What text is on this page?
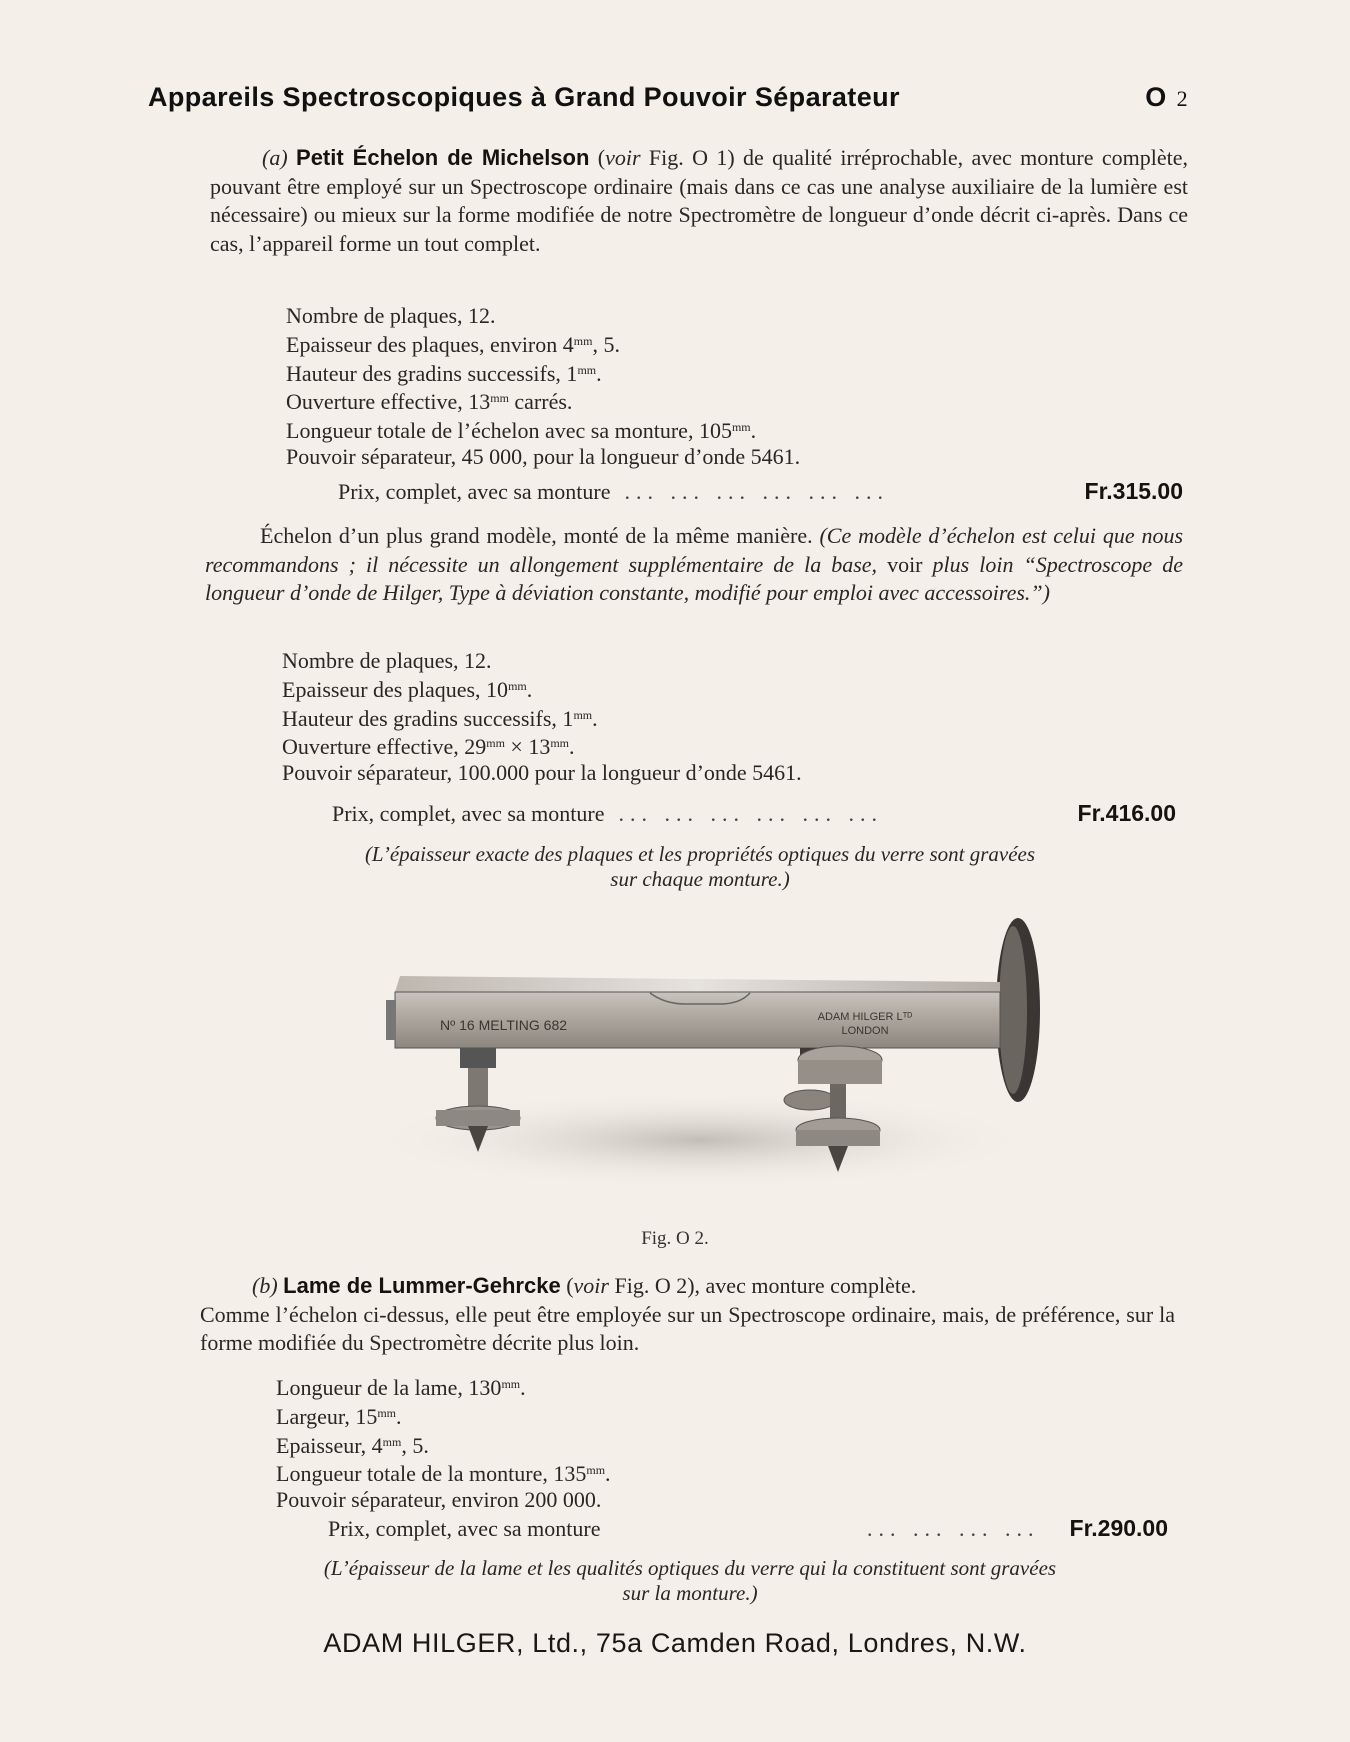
Appareils Spectroscopiques à Grand Pouvoir Séparateur	O 2
(a) Petit Échelon de Michelson (voir Fig. O 1) de qualité irréprochable, avec monture complète, pouvant être employé sur un Spectroscope ordinaire (mais dans ce cas une analyse auxiliaire de la lumière est nécessaire) ou mieux sur la forme modifiée de notre Spectromètre de longueur d’onde décrit ci-après. Dans ce cas, l’appareil forme un tout complet.
Nombre de plaques, 12.
Epaisseur des plaques, environ $4^{mm}$, 5.
Hauteur des gradins successifs, $1^{mm}$.
Ouverture effective, $13^{mm}$ carrés.
Longueur totale de l’échelon avec sa monture, $105^{mm}$.
Pouvoir séparateur, 45 000, pour la longueur d’onde 5461.
Prix, complet, avec sa monture ... ... ... ... ... ...	Fr.315.00
Échelon d’un plus grand modèle, monté de la même manière. (Ce modèle d’échelon est celui que nous recommandons ; il nécessite un allongement supplémentaire de la base, voir plus loin “Spectroscope de longueur d’onde de Hilger, Type à déviation constante, modifié pour emploi avec accessoires.”)
Nombre de plaques, 12.
Epaisseur des plaques, $10^{mm}$.
Hauteur des gradins successifs, $1^{mm}$.
Ouverture effective, $29^{mm} \times 13^{mm}$.
Pouvoir séparateur, 100.000 pour la longueur d’onde 5461.
Prix, complet, avec sa monture ... ... ... ... ... ...	Fr.416.00
(L’épaisseur exacte des plaques et les propriétés optiques du verre sont gravées
sur chaque monture.)
Nº 16 MELTING 682	ADAM HILGER Lᵀᴰ
LONDON
Fig. O 2.
(b) Lame de Lummer-Gehrcke (voir Fig. O 2), avec monture complète.
Comme l’échelon ci-dessus, elle peut être employée sur un Spectroscope ordinaire, mais, de préférence, sur la forme modifiée du Spectromètre décrite plus loin.
Longueur de la lame, $130^{mm}$.
Largeur, $15^{mm}$.
Epaisseur, $4^{mm}$, 5.
Longueur totale de la monture, $135^{mm}$.
Pouvoir séparateur, environ 200 000.
Prix, complet, avec sa monture	... ... ... ...	Fr.290.00
(L’épaisseur de la lame et les qualités optiques du verre qui la constituent sont gravées
sur la monture.)
ADAM HILGER, Ltd., 75a Camden Road, Londres, N.W.
